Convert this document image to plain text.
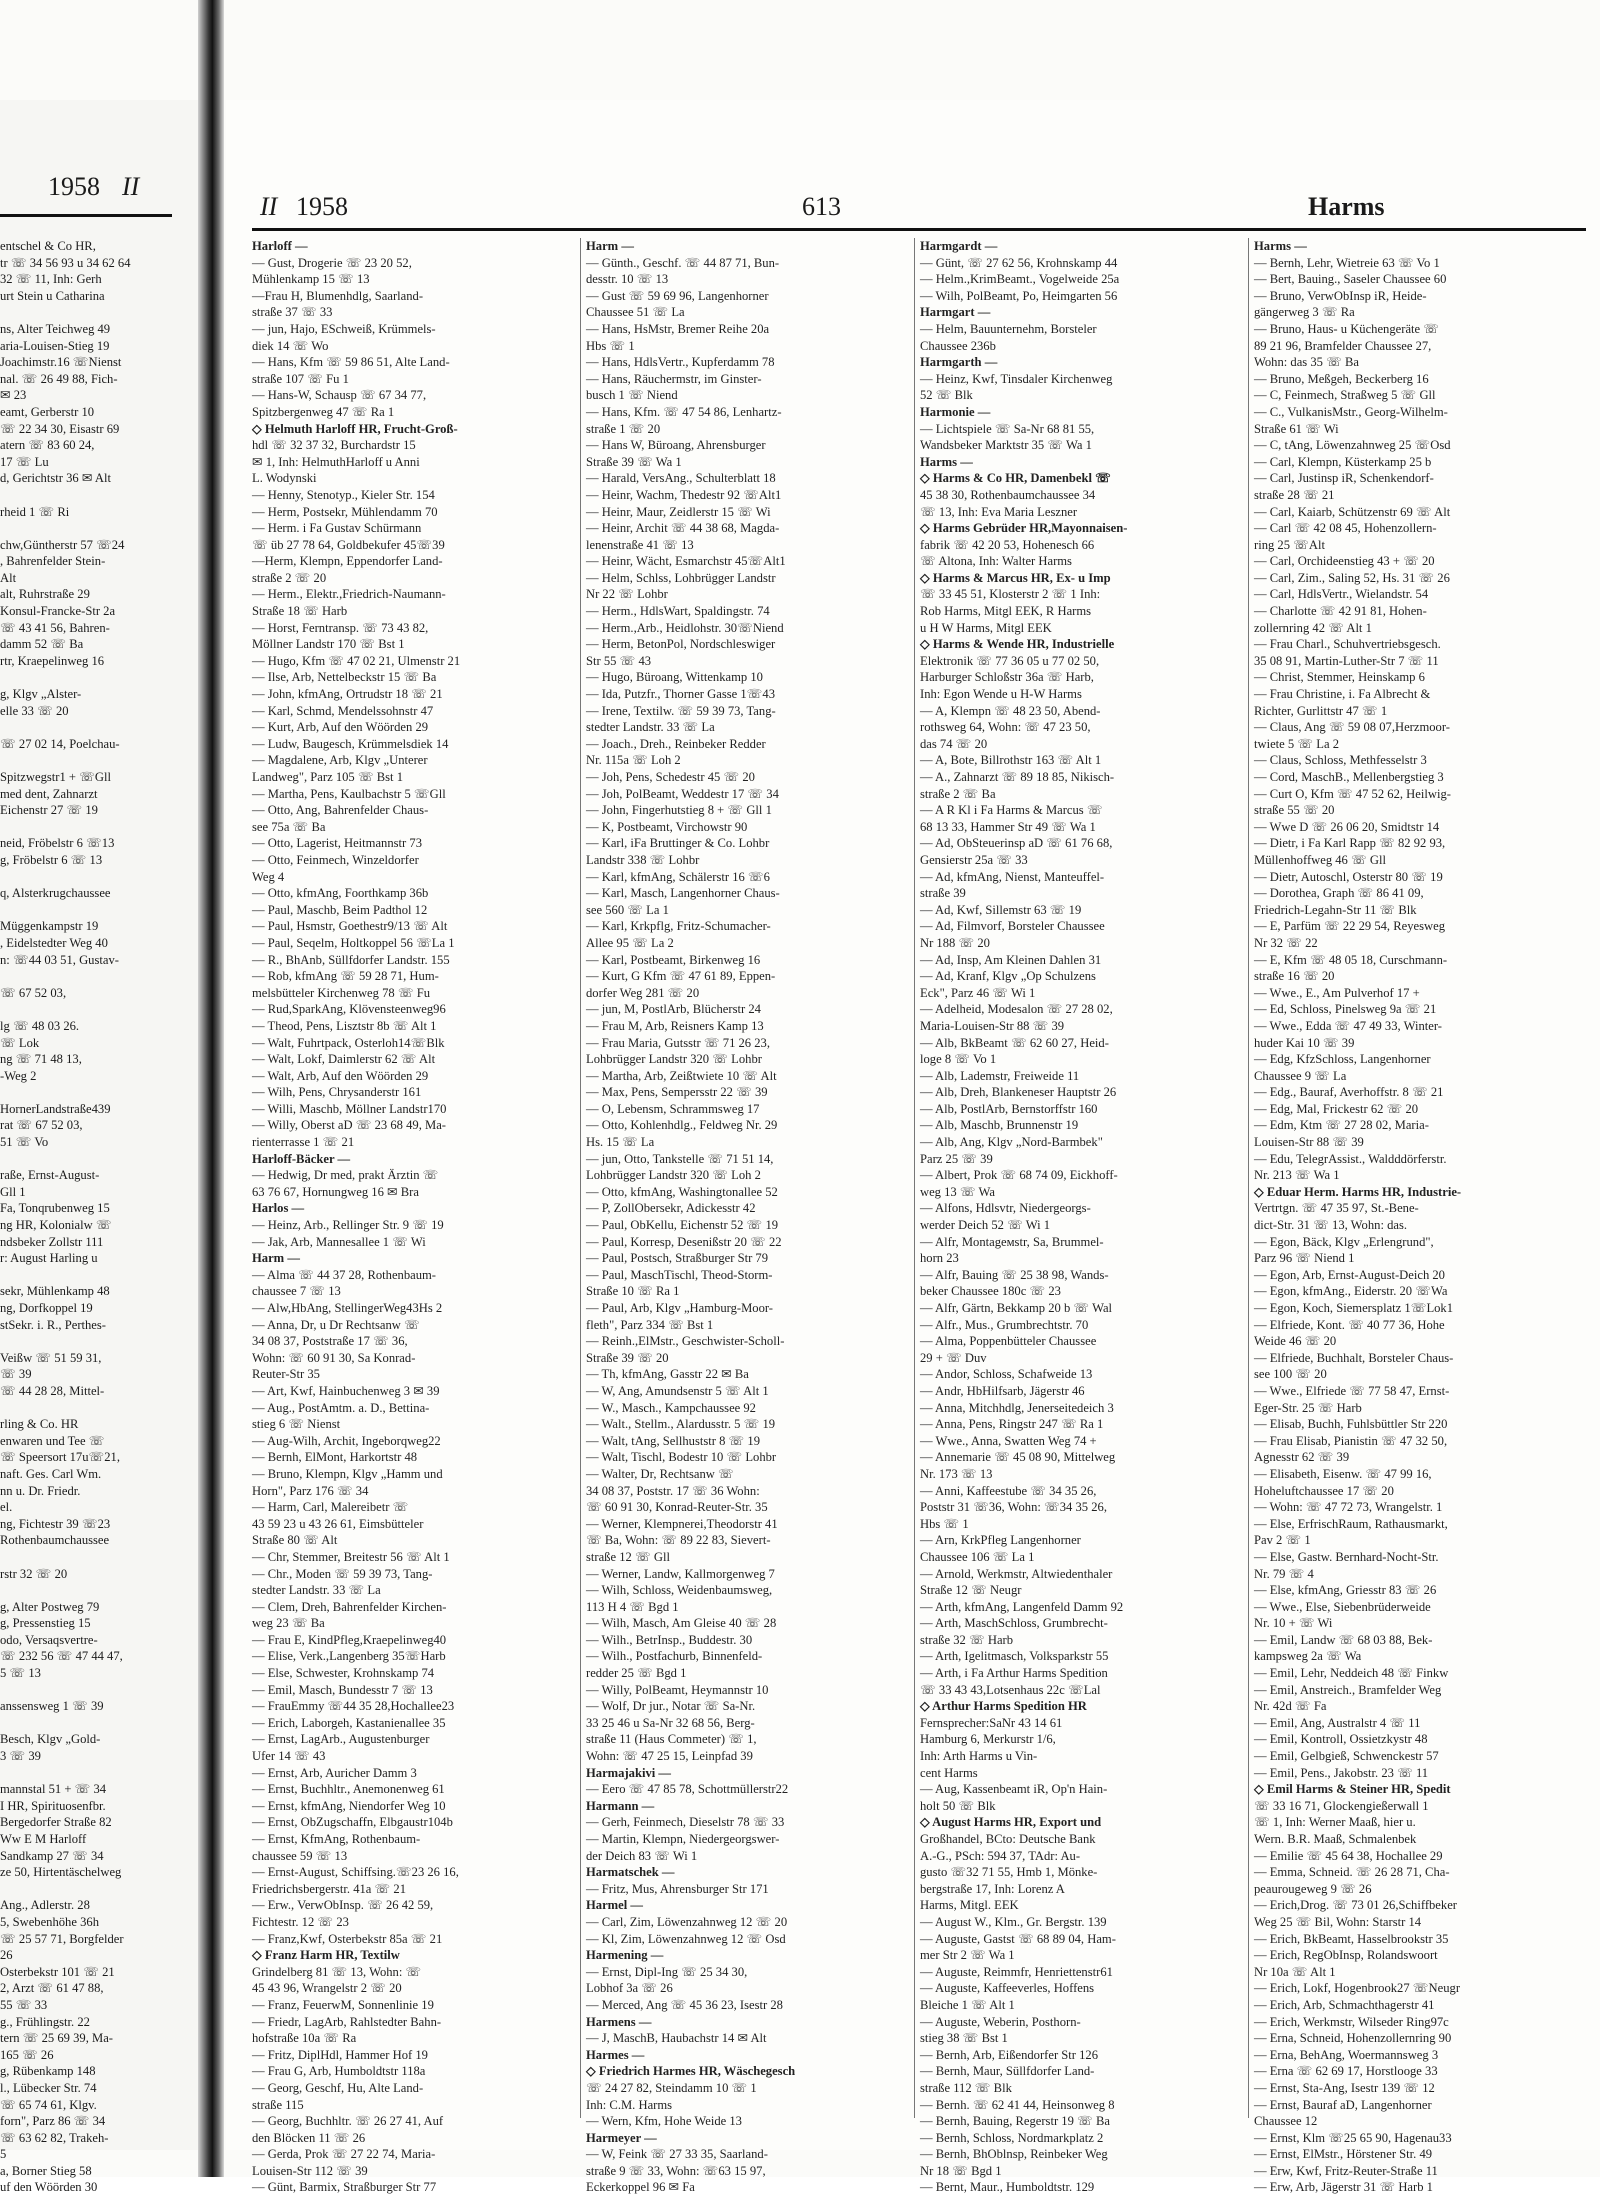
1958 II
entschel & Co HR,
tr ☏ 34 56 93 u 34 62 64
32 ☏ 11, Inh: Gerh
urt Stein u Catharina

ns, Alter Teichweg 49
aria-Louisen-Stieg 19
Joachimstr.16 ☏Nienst
nal. ☏ 26 49 88, Fich-
✉ 23
eamt, Gerberstr 10
☏ 22 34 30, Eisastr 69
atern ☏ 83 60 24,
17 ☏ Lu
d, Gerichtstr 36 ✉ Alt

rheid 1 ☏ Ri

chw,Güntherstr 57 ☏24
, Bahrenfelder Stein-
Alt
alt, Ruhrstraße 29
Konsul-Francke-Str 2a
☏ 43 41 56, Bahren-
damm 52 ☏ Ba
rtr, Kraepelinweg 16

g, Klgv „Alster-
elle 33 ☏ 20

☏ 27 02 14, Poelchau-

Spitzwegstr1 + ☏Gll
med dent, Zahnarzt
Eichenstr 27 ☏ 19

neid, Fröbelstr 6 ☏13
g, Fröbelstr 6 ☏ 13

q, Alsterkrugchaussee

Müggenkampstr 19
, Eidelstedter Weg 40
n: ☏44 03 51, Gustav-

☏ 67 52 03,

lg ☏ 48 03 26.
☏ Lok
ng ☏ 71 48 13,
-Weg 2

HornerLandstraße439
rat ☏ 67 52 03,
51 ☏ Vo

raße, Ernst-August-
Gll 1
Fa, Tonqrubenweg 15
ng HR, Kolonialw ☏
ndsbeker Zollstr 111
r: August Harling u

sekr, Mühlenkamp 48
ng, Dorfkoppel 19
stSekr. i. R., Perthes-

Veißw ☏ 51 59 31,
☏ 39
☏ 44 28 28, Mittel-

rling & Co. HR
enwaren und Tee ☏
☏ Speersort 17u☏21,
naft. Ges. Carl Wm.
nn u. Dr. Friedr.
el.
ng, Fichtestr 39 ☏23
Rothenbaumchaussee

rstr 32 ☏ 20

g, Alter Postweg 79
g, Pressenstieg 15
odo, Versaqsvertre-
☏ 232 56 ☏ 47 44 47,
5 ☏ 13

anssensweg 1 ☏ 39

Besch, Klgv „Gold-
3 ☏ 39

mannstal 51 + ☏ 34
I HR, Spirituosenfbr.
Bergedorfer Straße 82
Ww E M Harloff
Sandkamp 27 ☏ 34
ze 50, Hirtentäschelweg

Ang., Adlerstr. 28
5, Swebenhöhe 36h
☏ 25 57 71, Borgfelder
26
Osterbekstr 101 ☏ 21
2, Arzt ☏ 61 47 88,
55 ☏ 33
g., Frühlingstr. 22
tern ☏ 25 69 39, Ma-
165 ☏ 26
g, Rübenkamp 148
l., Lübecker Str. 74
☏ 65 74 61, Klgv.
forn", Parz 86 ☏ 34
☏ 63 62 82, Trakeh-
5
a, Borner Stieg 58
uf den Wöörden 30
II 1958	613	Harms
Harloff —
— Gust, Drogerie ☏ 23 20 52,
Mühlenkamp 15 ☏ 13
—Frau H, Blumenhdlg, Saarland-
straße 37 ☏ 33
— jun, Hajo, ESchweiß, Krümmels-
diek 14 ☏ Wo
— Hans, Kfm ☏ 59 86 51, Alte Land-
straße 107 ☏ Fu 1
— Hans-W, Schausp ☏ 67 34 77,
Spitzbergenweg 47 ☏ Ra 1
◇ Helmuth Harloff HR, Frucht-Groß-
hdl ☏ 32 37 32, Burchardstr 15
✉ 1, Inh: HelmuthHarloff u Anni
L. Wodynski
— Henny, Stenotyp., Kieler Str. 154
— Herm, Postsekr, Mühlendamm 70
— Herm. i Fa Gustav Schürmann
☏ üb 27 78 64, Goldbekufer 45☏39
—Herm, Klempn, Eppendorfer Land-
straße 2 ☏ 20
— Herm., Elektr.,Friedrich-Naumann-
Straße 18 ☏ Harb
— Horst, Ferntransp. ☏ 73 43 82,
Möllner Landstr 170 ☏ Bst 1
— Hugo, Kfm ☏ 47 02 21, Ulmenstr 21
— Ilse, Arb, Nettelbeckstr 15 ☏ Ba
— John, kfmAng, Ortrudstr 18 ☏ 21
— Karl, Schmd, Mendelssohnstr 47
— Kurt, Arb, Auf den Wöörden 29
— Ludw, Baugesch, Krümmelsdiek 14
— Magdalene, Arb, Klgv „Unterer
Landweg", Parz 105 ☏ Bst 1
— Martha, Pens, Kaulbachstr 5 ☏Gll
— Otto, Ang, Bahrenfelder Chaus-
see 75a ☏ Ba
— Otto, Lagerist, Heitmannstr 73
— Otto, Feinmech, Winzeldorfer
Weg 4
— Otto, kfmAng, Foorthkamp 36b
— Paul, Maschb, Beim Padthol 12
— Paul, Hsmstr, Goethestr9/13 ☏ Alt
— Paul, Seqelm, Holtkoppel 56 ☏La 1
— R., BhAnb, Süllfdorfer Landstr. 155
— Rob, kfmAng ☏ 59 28 71, Hum-
melsbütteler Kirchenweg 78 ☏ Fu
— Rud,SparkAng, Klövensteenweg96
— Theod, Pens, Lisztstr 8b ☏ Alt 1
— Walt, Fuhrtpack, Osterloh14☏Blk
— Walt, Lokf, Daimlerstr 62 ☏ Alt
— Walt, Arb, Auf den Wöörden 29
— Wilh, Pens, Chrysanderstr 161
— Willi, Maschb, Möllner Landstr170
— Willy, Oberst aD ☏ 23 68 49, Ma-
rienterrasse 1 ☏ 21
Harloff-Bäcker —
— Hedwig, Dr med, prakt Ärztin ☏
63 76 67, Hornungweg 16 ✉ Bra
Harlos —
— Heinz, Arb., Rellinger Str. 9 ☏ 19
— Jak, Arb, Mannesallee 1 ☏ Wi
Harm —
— Alma ☏ 44 37 28, Rothenbaum-
chaussee 7 ☏ 13
— Alw,HbAng, StellingerWeg43Hs 2
— Anna, Dr, u Dr Rechtsanw ☏
34 08 37, Poststraße 17 ☏ 36,
Wohn: ☏ 60 91 30, Sa Konrad-
Reuter-Str 35
— Art, Kwf, Hainbuchenweg 3 ✉ 39
— Aug., PostAmtm. a. D., Bettina-
stieg 6 ☏ Nienst
— Aug-Wilh, Archit, Ingeborqweg22
— Bernh, ElMont, Harkortstr 48
— Bruno, Klempn, Klgv „Hamm und
Horn", Parz 176 ☏ 34
— Harm, Carl, Malereibetr ☏
43 59 23 u 43 26 61, Eimsbütteler
Straße 80 ☏ Alt
— Chr, Stemmer, Breitestr 56 ☏ Alt 1
— Chr., Moden ☏ 59 39 73, Tang-
stedter Landstr. 33 ☏ La
— Clem, Dreh, Bahrenfelder Kirchen-
weg 23 ☏ Ba
— Frau E, KindPfleg,Kraepelinweg40
— Elise, Verk.,Langenberg 35☏Harb
— Else, Schwester, Krohnskamp 74
— Emil, Masch, Bundesstr 7 ☏ 13
— FrauEmmy ☏44 35 28,Hochallee23
— Erich, Laborgeh, Kastanienallee 35
— Ernst, LagArb., Augustenburger
Ufer 14 ☏ 43
— Ernst, Arb, Auricher Damm 3
— Ernst, Buchhltr., Anemonenweg 61
— Ernst, kfmAng, Niendorfer Weg 10
— Ernst, ObZugschaffn, Elbgaustr104b
— Ernst, KfmAng, Rothenbaum-
chaussee 59 ☏ 13
— Ernst-August, Schiffsing.☏23 26 16,
Friedrichsbergerstr. 41a ☏ 21
— Erw., VerwObInsp. ☏ 26 42 59,
Fichtestr. 12 ☏ 23
— Franz,Kwf, Osterbekstr 85a ☏ 21
◇ Franz Harm HR, Textilw
Grindelberg 81 ☏ 13, Wohn: ☏
45 43 96, Wrangelstr 2 ☏ 20
— Franz, FeuerwM, Sonnenlinie 19
— Friedr, LagArb, Rahlstedter Bahn-
hofstraße 10a ☏ Ra
— Fritz, DiplHdl, Hammer Hof 19
— Frau G, Arb, Humboldtstr 118a
— Georg, Geschf, Hu, Alte Land-
straße 115
— Georg, Buchhltr. ☏ 26 27 41, Auf
den Blöcken 11 ☏ 26
— Gerda, Prok ☏ 27 22 74, Maria-
Louisen-Str 112 ☏ 39
— Günt, Barmix, Straßburger Str 77
Harm —
— Günth., Geschf. ☏ 44 87 71, Bun-
desstr. 10 ☏ 13
— Gust ☏ 59 69 96, Langenhorner
Chaussee 51 ☏ La
— Hans, HsMstr, Bremer Reihe 20a
Hbs ☏ 1
— Hans, HdlsVertr., Kupferdamm 78
— Hans, Räuchermstr, im Ginster-
busch 1 ☏ Niend
— Hans, Kfm. ☏ 47 54 86, Lenhartz-
straße 1 ☏ 20
— Hans W, Büroang, Ahrensburger
Straße 39 ☏ Wa 1
— Harald, VersAng., Schulterblatt 18
— Heinr, Wachm, Thedestr 92 ☏Alt1
— Heinr, Maur, Zeidlerstr 15 ☏ Wi
— Heinr, Archit ☏ 44 38 68, Magda-
lenenstraße 41 ☏ 13
— Heinr, Wächt, Esmarchstr 45☏Alt1
— Helm, Schlss, Lohbrügger Landstr
Nr 22 ☏ Lohbr
— Herm., HdlsWart, Spaldingstr. 74
— Herm.,Arb., Heidlohstr. 30☏Niend
— Herm, BetonPol, Nordschleswiger
Str 55 ☏ 43
— Hugo, Büroang, Wittenkamp 10
— Ida, Putzfr., Thorner Gasse 1☏43
— Irene, Textilw. ☏ 59 39 73, Tang-
stedter Landstr. 33 ☏ La
— Joach., Dreh., Reinbeker Redder
Nr. 115a ☏ Loh 2
— Joh, Pens, Schedestr 45 ☏ 20
— Joh, PolBeamt, Weddestr 17 ☏ 34
— John, Fingerhutstieg 8 + ☏ Gll 1
— K, Postbeamt, Virchowstr 90
— Karl, iFa Bruttinger & Co. Lohbr
Landstr 338 ☏ Lohbr
— Karl, kfmAng, Schälerstr 16 ☏6
— Karl, Masch, Langenhorner Chaus-
see 560 ☏ La 1
— Karl, Krkpflg, Fritz-Schumacher-
Allee 95 ☏ La 2
— Karl, Postbeamt, Birkenweg 16
— Kurt, G Kfm ☏ 47 61 89, Eppen-
dorfer Weg 281 ☏ 20
— jun, M, PostlArb, Blücherstr 24
— Frau M, Arb, Reisners Kamp 13
— Frau Maria, Gutsstr ☏ 71 26 23,
Lohbrügger Landstr 320 ☏ Lohbr
— Martha, Arb, Zeißtwiete 10 ☏ Alt
— Max, Pens, Sempersstr 22 ☏ 39
— O, Lebensm, Schrammsweg 17
— Otto, Kohlenhdlg., Feldweg Nr. 29
Hs. 15 ☏ La
— jun, Otto, Tankstelle ☏ 71 51 14,
Lohbrügger Landstr 320 ☏ Loh 2
— Otto, kfmAng, Washingtonallee 52
— P, ZollObersekr, Adickesstr 42
— Paul, ObKellu, Eichenstr 52 ☏ 19
— Paul, Korresp, Desenißstr 20 ☏ 22
— Paul, Postsch, Straßburger Str 79
— Paul, MaschTischl, Theod-Storm-
Straße 10 ☏ Ra 1
— Paul, Arb, Klgv „Hamburg-Moor-
fleth", Parz 334 ☏ Bst 1
— Reinh.,ElMstr., Geschwister-Scholl-
Straße 39 ☏ 20
— Th, kfmAng, Gasstr 22 ✉ Ba
— W, Ang, Amundsenstr 5 ☏ Alt 1
— W., Masch., Kampchaussee 92
— Walt., Stellm., Alardusstr. 5 ☏ 19
— Walt, tAng, Sellhuststr 8 ☏ 19
— Walt, Tischl, Bodestr 10 ☏ Lohbr
— Walter, Dr, Rechtsanw ☏
34 08 37, Poststr. 17 ☏ 36 Wohn:
☏ 60 91 30, Konrad-Reuter-Str. 35
— Werner, Klempnerei,Theodorstr 41
☏ Ba, Wohn: ☏ 89 22 83, Sievert-
straße 12 ☏ Gll
— Werner, Landw, Kallmorgenweg 7
— Wilh, Schloss, Weidenbaumsweg,
113 H 4 ☏ Bgd 1
— Wilh, Masch, Am Gleise 40 ☏ 28
— Wilh., BetrInsp., Buddestr. 30
— Wilh., Postfachurb, Binnenfeld-
redder 25 ☏ Bgd 1
— Willy, PolBeamt, Heymannstr 10
— Wolf, Dr jur., Notar ☏ Sa-Nr.
33 25 46 u Sa-Nr 32 68 56, Berg-
straße 11 (Haus Commeter) ☏ 1,
Wohn: ☏ 47 25 15, Leinpfad 39
Harmajakivi —
— Eero ☏ 47 85 78, Schottmüllerstr22
Harmann —
— Gerh, Feinmech, Dieselstr 78 ☏ 33
— Martin, Klempn, Niedergeorgswer-
der Deich 83 ☏ Wi 1
Harmatschek —
— Fritz, Mus, Ahrensburger Str 171
Harmel —
— Carl, Zim, Löwenzahnweg 12 ☏ 20
— Kl, Zim, Löwenzahnweg 12 ☏ Osd
Harmening —
— Ernst, Dipl-Ing ☏ 25 34 30,
Lobhof 3a ☏ 26
— Merced, Ang ☏ 45 36 23, Isestr 28
Harmens —
— J, MaschB, Haubachstr 14 ✉ Alt
Harmes —
◇ Friedrich Harmes HR, Wäschegesch
☏ 24 27 82, Steindamm 10 ☏ 1
Inh: C.M. Harms
— Wern, Kfm, Hohe Weide 13
Harmeyer —
— W, Feink ☏ 27 33 35, Saarland-
straße 9 ☏ 33, Wohn: ☏63 15 97,
Eckerkoppel 96 ✉ Fa
Harmgardt —
— Günt, ☏ 27 62 56, Krohnskamp 44
— Helm.,KrimBeamt., Vogelweide 25a
— Wilh, PolBeamt, Po, Heimgarten 56
Harmgart —
— Helm, Bauunternehm, Borsteler
Chaussee 236b
Harmgarth —
— Heinz, Kwf, Tinsdaler Kirchenweg
52 ☏ Blk
Harmonie —
— Lichtspiele ☏ Sa-Nr 68 81 55,
Wandsbeker Marktstr 35 ☏ Wa 1
Harms —
◇ Harms & Co HR, Damenbekl ☏
45 38 30, Rothenbaumchaussee 34
☏ 13, Inh: Eva Maria Leszner
◇ Harms Gebrüder HR,Mayonnaisen-
fabrik ☏ 42 20 53, Hohenesch 66
☏ Altona, Inh: Walter Harms
◇ Harms & Marcus HR, Ex- u Imp
☏ 33 45 51, Klosterstr 2 ☏ 1 Inh:
Rob Harms, Mitgl EEK, R Harms
u H W Harms, Mitgl EEK
◇ Harms & Wende HR, Industrielle
Elektronik ☏ 77 36 05 u 77 02 50,
Harburger Schloßstr 36a ☏ Harb,
Inh: Egon Wende u H-W Harms
— A, Klempn ☏ 48 23 50, Abend-
rothsweg 64, Wohn: ☏ 47 23 50,
das 74 ☏ 20
— A, Bote, Billrothstr 163 ☏ Alt 1
— A., Zahnarzt ☏ 89 18 85, Nikisch-
straße 2 ☏ Ba
— A R Kl i Fa Harms & Marcus ☏
68 13 33, Hammer Str 49 ☏ Wa 1
— Ad, ObSteuerinsp aD ☏ 61 76 68,
Gensierstr 25a ☏ 33
— Ad, kfmAng, Nienst, Manteuffel-
straße 39
— Ad, Kwf, Sillemstr 63 ☏ 19
— Ad, Filmvorf, Borsteler Chaussee
Nr 188 ☏ 20
— Ad, Insp, Am Kleinen Dahlen 31
— Ad, Kranf, Klgv „Op Schulzens
Eck", Parz 46 ☏ Wi 1
— Adelheid, Modesalon ☏ 27 28 02,
Maria-Louisen-Str 88 ☏ 39
— Alb, BkBeamt ☏ 62 60 27, Heid-
loge 8 ☏ Vo 1
— Alb, Lademstr, Freiweide 11
— Alb, Dreh, Blankeneser Hauptstr 26
— Alb, PostlArb, Bernstorffstr 160
— Alb, Maschb, Brunnenstr 19
— Alb, Ang, Klgv „Nord-Barmbek"
Parz 25 ☏ 39
— Albert, Prok ☏ 68 74 09, Eickhoff-
weg 13 ☏ Wa
— Alfons, Hdlsvtr, Niedergeorgs-
werder Deich 52 ☏ Wi 1
— Alfr, Montageмstr, Sa, Brummel-
horn 23
— Alfr, Bauing ☏ 25 38 98, Wands-
beker Chaussee 180c ☏ 23
— Alfr, Gärtn, Bekkamp 20 b ☏ Wal
— Alfr., Mus., Grumbrechtstr. 70
— Alma, Poppenbütteler Chaussee
29 + ☏ Duv
— Andor, Schloss, Schafweide 13
— Andr, HbHilfsarb, Jägerstr 46
— Anna, Mitchhdlg, Jenerseitedeich 3
— Anna, Pens, Ringstr 247 ☏ Ra 1
— Wwe., Anna, Swatten Weg 74 +
— Annemarie ☏ 45 08 90, Mittelweg
Nr. 173 ☏ 13
— Anni, Kaffeestube ☏ 34 35 26,
Poststr 31 ☏36, Wohn: ☏34 35 26,
Hbs ☏ 1
— Arn, KrkPfleg Langenhorner
Chaussee 106 ☏ La 1
— Arnold, Werkmstr, Altwiedenthaler
Straße 12 ☏ Neugr
— Arth, kfmAng, Langenfeld Damm 92
— Arth, MaschSchloss, Grumbrecht-
straße 32 ☏ Harb
— Arth, Igelitmasch, Volksparkstr 55
— Arth, i Fa Arthur Harms Spedition
☏ 33 43 43,Lotsenhaus 22c ☏Lal
◇ Arthur Harms Spedition HR
Fernsprecher:SaNr 43 14 61
Hamburg 6, Merkurstr 1/6,
Inh: Arth Harms u Vin-
cent Harms
— Aug, Kassenbeamt iR, Op'n Hain-
holt 50 ☏ Blk
◇ August Harms HR, Export und
Großhandel, BCto: Deutsche Bank
A.-G., PSch: 594 37, TAdr: Au-
gusto ☏32 71 55, Hmb 1, Mönke-
bergstraße 17, Inh: Lorenz A
Harms, Mitgl. EEK
— August W., Klm., Gr. Bergstr. 139
— Auguste, Gastst ☏ 68 89 04, Ham-
mer Str 2 ☏ Wa 1
— Auguste, Reimmfr, Henriettenstr61
— Auguste, Kaffeeverles, Hoffens
Bleiche 1 ☏ Alt 1
— Auguste, Weberin, Posthorn-
stieg 38 ☏ Bst 1
— Bernh, Arb, Eißendorfer Str 126
— Bernh, Maur, Süllfdorfer Land-
straße 112 ☏ Blk
— Bernh. ☏ 62 41 44, Heinsonweg 8
— Bernh, Bauing, Regerstr 19 ☏ Ba
— Bernh, Schloss, Nordmarkplatz 2
— Bernh, BhOblnsp, Reinbeker Weg
Nr 18 ☏ Bgd 1
— Bernt, Maur., Humboldtstr. 129
Harms —
— Bernh, Lehr, Wietreie 63 ☏ Vo 1
— Bert, Bauing., Saseler Chaussee 60
— Bruno, VerwObInsp iR, Heide-
gängerweg 3 ☏ Ra
— Bruno, Haus- u Küchengeräte ☏
89 21 96, Bramfelder Chaussee 27,
Wohn: das 35 ☏ Ba
— Bruno, Meßgeh, Beckerberg 16
— C, Feinmech, Straßweg 5 ☏ Gll
— C., VulkanisMstr., Georg-Wilhelm-
Straße 61 ☏ Wi
— C, tAng, Löwenzahnweg 25 ☏Osd
— Carl, Klempn, Küsterkamp 25 b
— Carl, Justinsp iR, Schenkendorf-
straße 28 ☏ 21
— Carl, Kaiarb, Schützenstr 69 ☏ Alt
— Carl ☏ 42 08 45, Hohenzollern-
ring 25 ☏Alt
— Carl, Orchideenstieg 43 + ☏ 20
— Carl, Zim., Saling 52, Hs. 31 ☏ 26
— Carl, HdlsVertr., Wielandstr. 54
— Charlotte ☏ 42 91 81, Hohen-
zollernring 42 ☏ Alt 1
— Frau Charl., Schuhvertriebsgesch.
35 08 91, Martin-Luther-Str 7 ☏ 11
— Christ, Stemmer, Heinskamp 6
— Frau Christine, i. Fa Albrecht &
Richter, Gurlittstr 47 ☏ 1
— Claus, Ang ☏ 59 08 07,Herzmoor-
twiete 5 ☏ La 2
— Claus, Schloss, Methfesselstr 3
— Cord, MaschB., Mellenbergstieg 3
— Curt O, Kfm ☏ 47 52 62, Heilwig-
straße 55 ☏ 20
— Wwe D ☏ 26 06 20, Smidtstr 14
— Dietr, i Fa Karl Rapp ☏ 82 92 93,
Müllenhoffweg 46 ☏ Gll
— Dietr, Autoschl, Osterstr 80 ☏ 19
— Dorothea, Graph ☏ 86 41 09,
Friedrich-Legahn-Str 11 ☏ Blk
— E, Parfüm ☏ 22 29 54, Reyesweg
Nr 32 ☏ 22
— E, Kfm ☏ 48 05 18, Curschmann-
straße 16 ☏ 20
— Wwe., E., Am Pulverhof 17 +
— Ed, Schloss, Pinelsweg 9a ☏ 21
— Wwe., Edda ☏ 47 49 33, Winter-
huder Kai 10 ☏ 39
— Edg, KfzSchloss, Langenhorner
Chaussee 9 ☏ La
— Edg., Bauraf, Averhoffstr. 8 ☏ 21
— Edg, Mal, Frickestr 62 ☏ 20
— Edm, Ktm ☏ 27 28 02, Maria-
Louisen-Str 88 ☏ 39
— Edu, TelegrAssist., Waldddörferstr.
Nr. 213 ☏ Wa 1
◇ Eduar Herm. Harms HR, Industrie-
Vertrtgn. ☏ 47 35 97, St.-Bene-
dict-Str. 31 ☏ 13, Wohn: das.
— Egon, Bäck, Klgv „Erlengrund",
Parz 96 ☏ Niend 1
— Egon, Arb, Ernst-August-Deich 20
— Egon, kfmAng., Eiderstr. 20 ☏Wa
— Egon, Koch, Siemersplatz 1☏Lok1
— Elfriede, Kont. ☏ 40 77 36, Hohe
Weide 46 ☏ 20
— Elfriede, Buchhalt, Borsteler Chaus-
see 100 ☏ 20
— Wwe., Elfriede ☏ 77 58 47, Ernst-
Eger-Str. 25 ☏ Harb
— Elisab, Buchh, Fuhlsbüttler Str 220
— Frau Elisab, Pianistin ☏ 47 32 50,
Agnesstr 62 ☏ 39
— Elisabeth, Eisenw. ☏ 47 99 16,
Hoheluftchaussee 17 ☏ 20
— Wohn: ☏ 47 72 73, Wrangelstr. 1
— Else, ErfrischRaum, Rathausmarkt,
Pav 2 ☏ 1
— Else, Gastw. Bernhard-Nocht-Str.
Nr. 79 ☏ 4
— Else, kfmAng, Griesstr 83 ☏ 26
— Wwe., Else, Siebenbrüderweide
Nr. 10 + ☏ Wi
— Emil, Landw ☏ 68 03 88, Bek-
kampsweg 2a ☏ Wa
— Emil, Lehr, Neddeich 48 ☏ Finkw
— Emil, Anstreich., Bramfelder Weg
Nr. 42d ☏ Fa
— Emil, Ang, Australstr 4 ☏ 11
— Emil, Kontroll, Ossietzkystr 48
— Emil, Gelbgieß, Schwenckestr 57
— Emil, Pens., Jakobstr. 23 ☏ 11
◇ Emil Harms & Steiner HR, Spedit
☏ 33 16 71, Glockengießerwall 1
☏ 1, Inh: Werner Maaß, hier u.
Wern. B.R. Maaß, Schmalenbek
— Emilie ☏ 45 64 38, Hochallee 29
— Emma, Schneid. ☏ 26 28 71, Cha-
peaurougeweg 9 ☏ 26
— Erich,Drog. ☏ 73 01 26,Schiffbeker
Weg 25 ☏ Bil, Wohn: Starstr 14
— Erich, BkBeamt, Hasselbrookstr 35
— Erich, RegObInsp, Rolandswoort
Nr 10a ☏ Alt 1
— Erich, Lokf, Hogenbrook27 ☏Neugr
— Erich, Arb, Schmachthagerstr 41
— Erich, Werkmstr, Wilseder Ring97c
— Erna, Schneid, Hohenzollernring 90
— Erna, BehAng, Woermannsweg 3
— Erna ☏ 62 69 17, Horstlooge 33
— Ernst, Sta-Ang, Isestr 139 ☏ 12
— Ernst, Bauraf aD, Langenhorner
Chaussee 12
— Ernst, Klm ☏25 65 90, Hagenau33
— Ernst, ElMstr., Hörstener Str. 49
— Erw, Kwf, Fritz-Reuter-Straße 11
— Erw, Arb, Jägerstr 31 ☏ Harb 1
